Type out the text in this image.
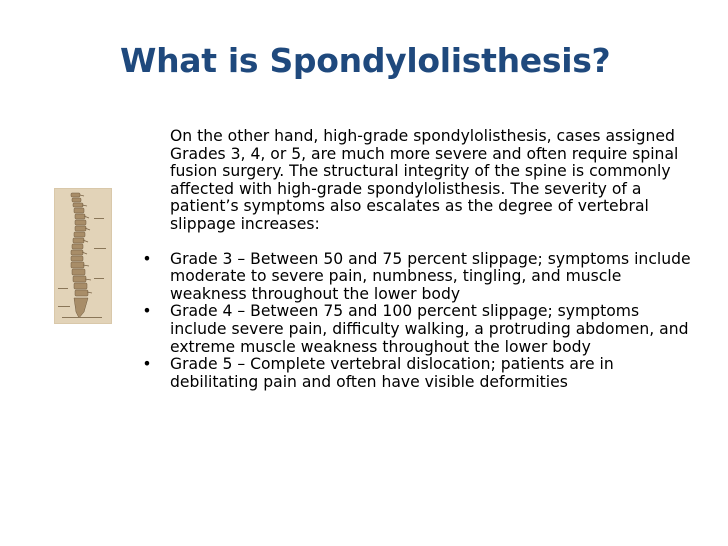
What is Spondylolisthesis?

On the other hand, high-grade spondylolisthesis, cases assigned Grades 3, 4, or 5, are much more severe and often require spinal fusion surgery. The structural integrity of the spine is commonly affected with high-grade spondylolisthesis. The severity of a patient’s symptoms also escalates as the degree of vertebral slippage increases:

• Grade 3 – Between 50 and 75 percent slippage; symptoms include moderate to severe pain, numbness, tingling, and muscle weakness throughout the lower body
• Grade 4 – Between 75 and 100 percent slippage; symptoms include severe pain, difficulty walking, a protruding abdomen, and extreme muscle weakness throughout the lower body
• Grade 5 – Complete vertebral dislocation; patients are in debilitating pain and often have visible deformities
